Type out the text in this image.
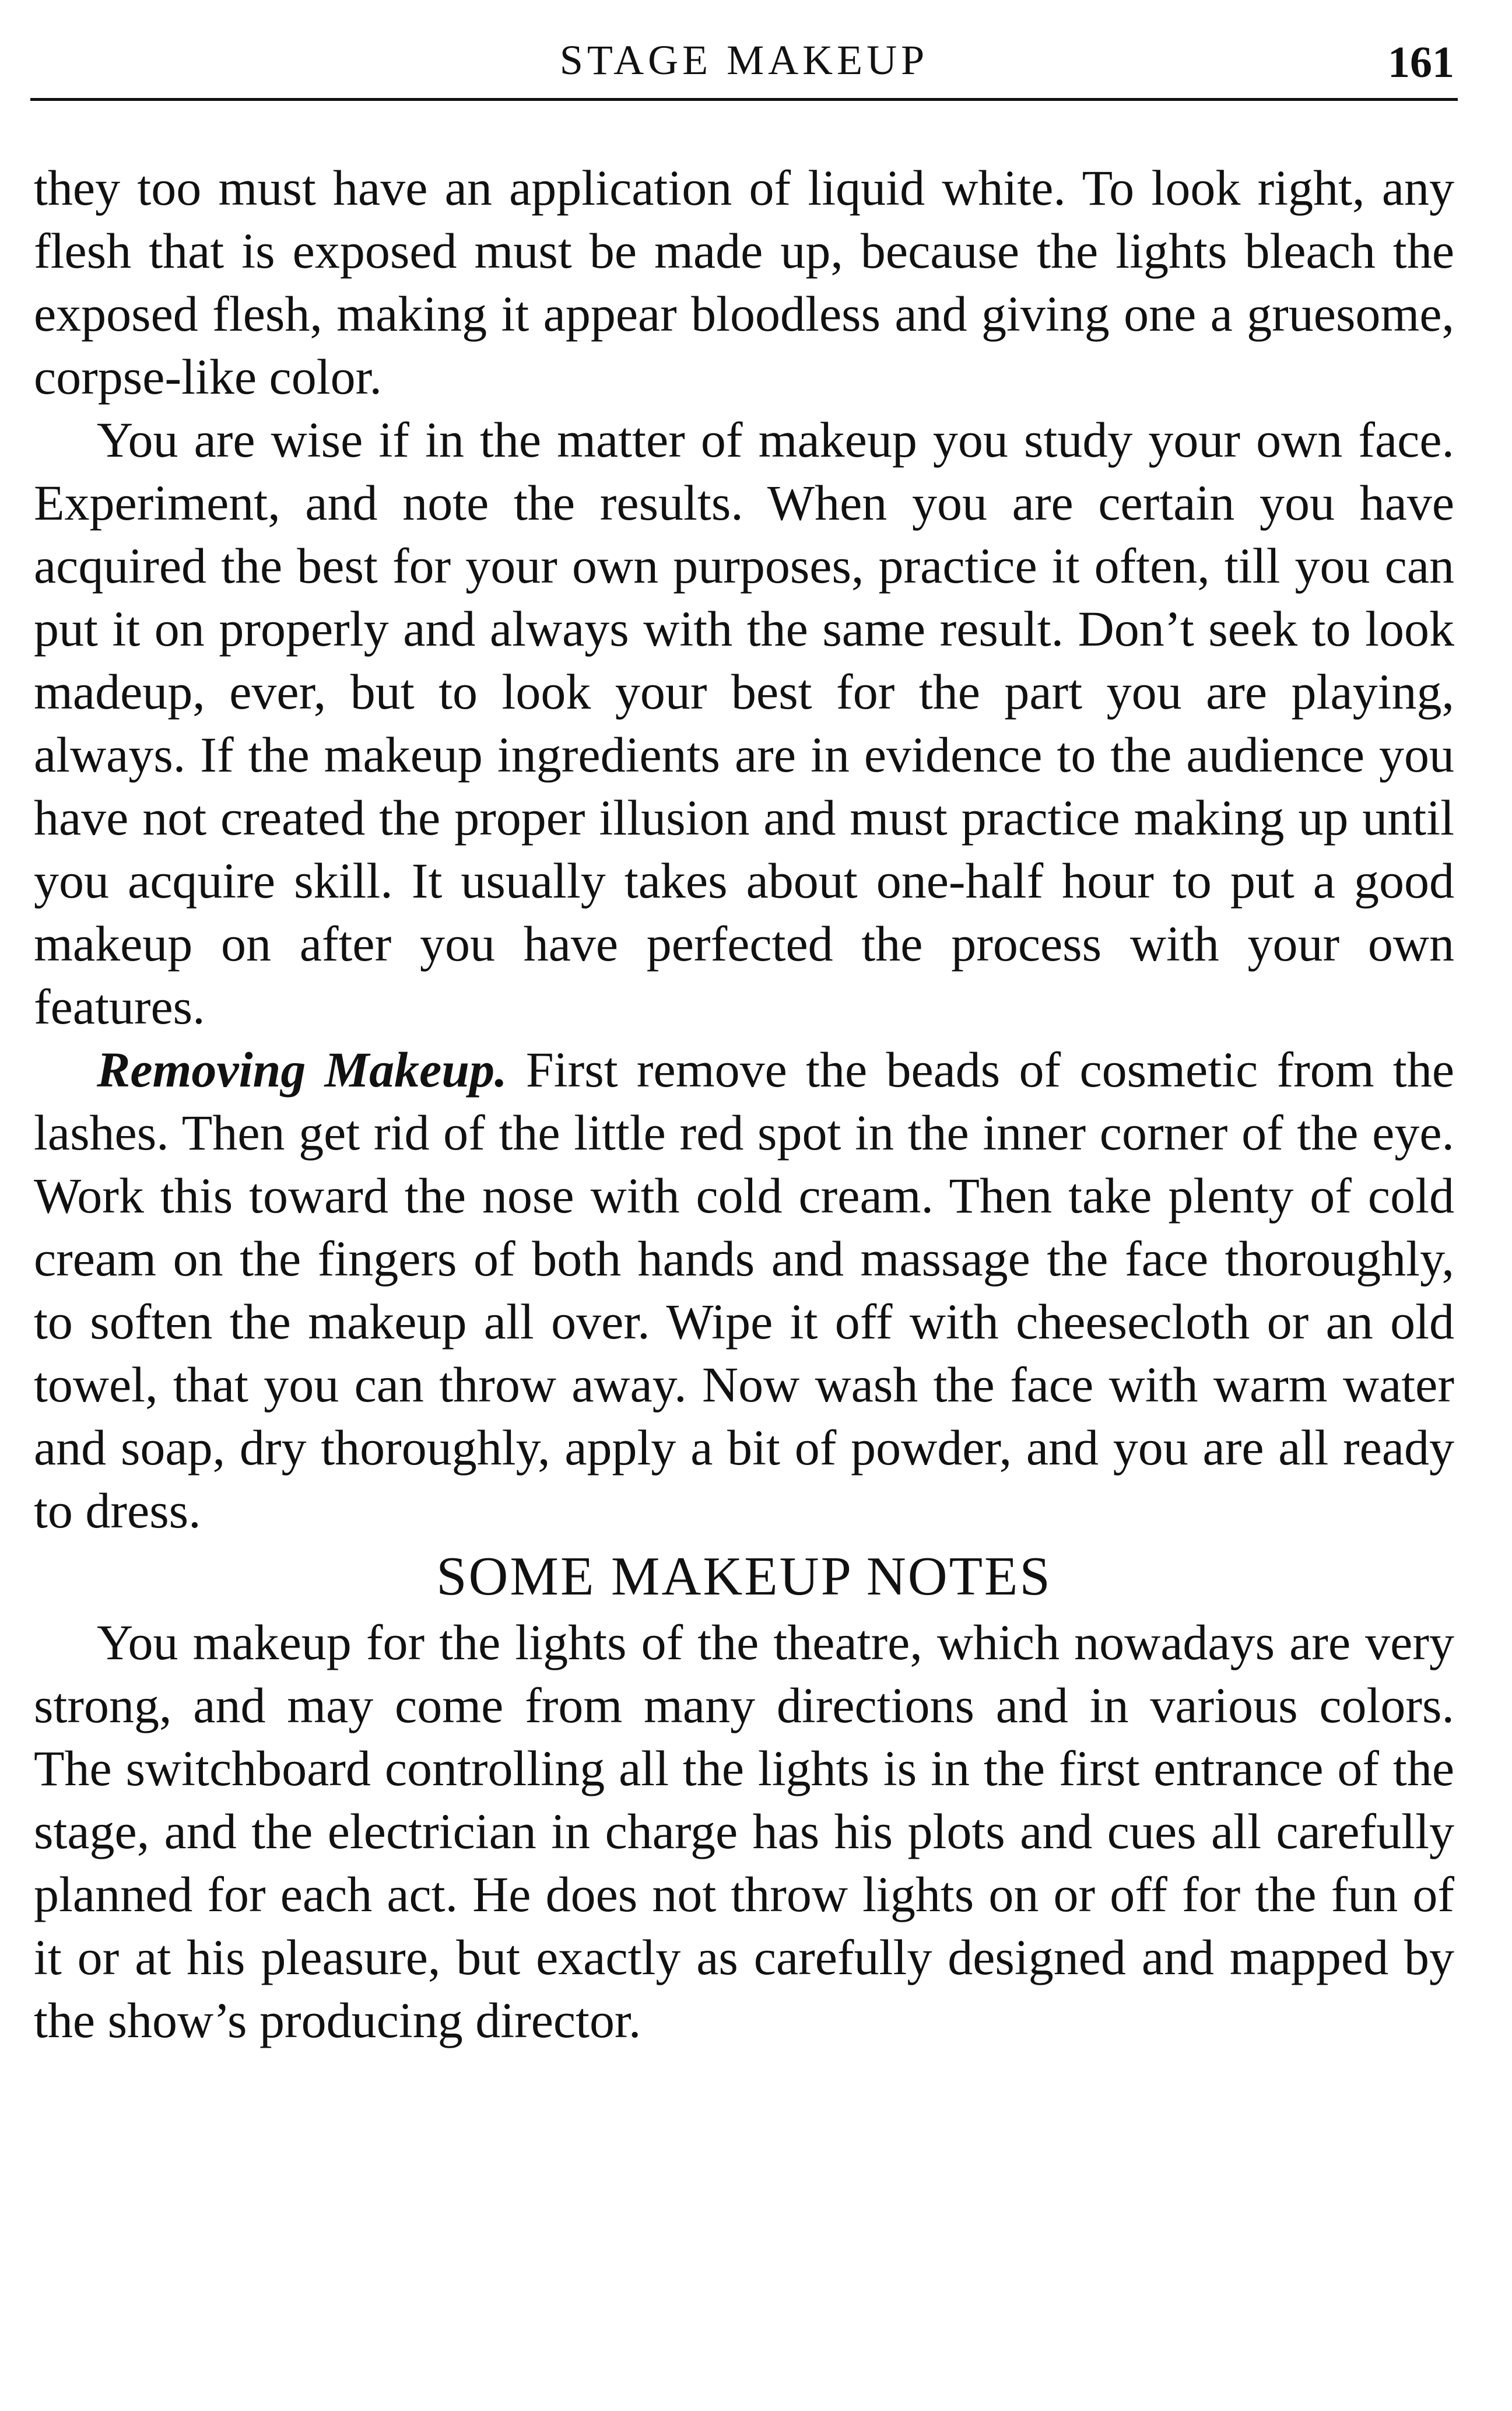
STAGE MAKEUP	161

they too must have an application of liquid white. To look right, any flesh that is exposed must be made up, because the lights bleach the exposed flesh, making it appear bloodless and giving one a gruesome, corpse-like color.

You are wise if in the matter of makeup you study your own face. Experiment, and note the results. When you are certain you have acquired the best for your own purposes, practice it often, till you can put it on properly and always with the same result. Don’t seek to look madeup, ever, but to look your best for the part you are playing, always. If the makeup ingredients are in evidence to the audience you have not created the proper illusion and must practice making up until you acquire skill. It usually takes about one-half hour to put a good makeup on after you have perfected the process with your own features.

Removing Makeup. First remove the beads of cosmetic from the lashes. Then get rid of the little red spot in the inner corner of the eye. Work this toward the nose with cold cream. Then take plenty of cold cream on the fingers of both hands and massage the face thoroughly, to soften the makeup all over. Wipe it off with cheesecloth or an old towel, that you can throw away. Now wash the face with warm water and soap, dry thoroughly, apply a bit of powder, and you are all ready to dress.

SOME MAKEUP NOTES

You makeup for the lights of the theatre, which nowadays are very strong, and may come from many directions and in various colors. The switchboard controlling all the lights is in the first entrance of the stage, and the electrician in charge has his plots and cues all carefully planned for each act. He does not throw lights on or off for the fun of it or at his pleasure, but exactly as carefully designed and mapped by the show’s producing director.
